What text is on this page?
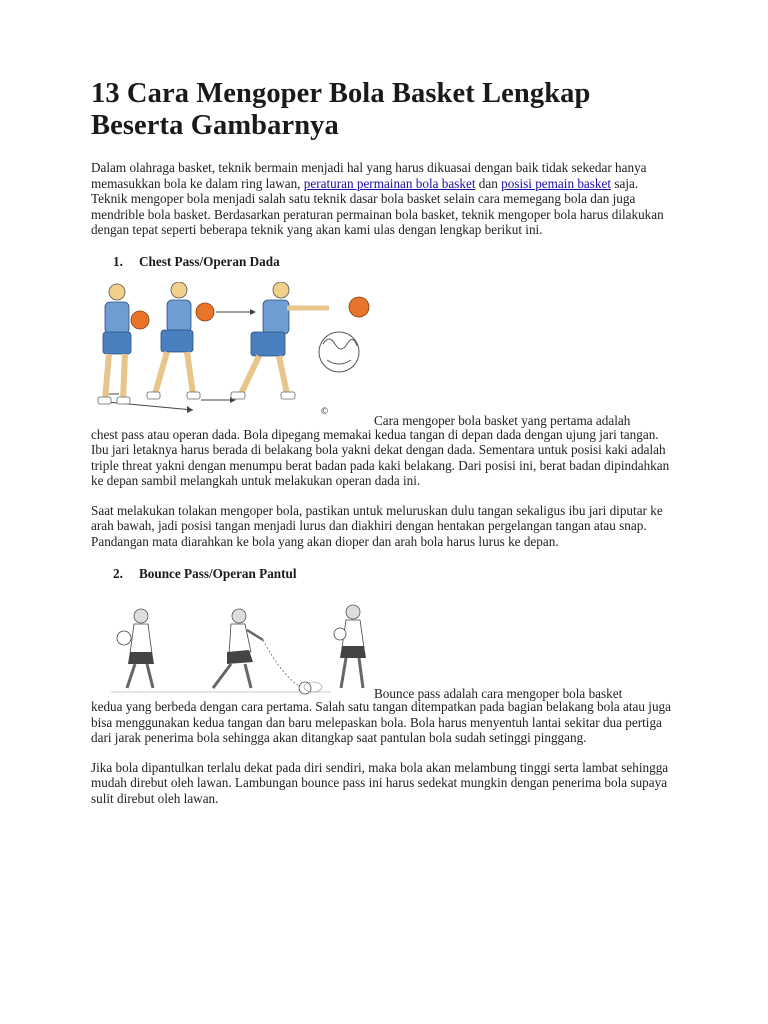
13 Cara Mengoper Bola Basket Lengkap Beserta Gambarnya

Dalam olahraga basket, teknik bermain menjadi hal yang harus dikuasai dengan baik tidak sekedar hanya memasukkan bola ke dalam ring lawan, peraturan permainan bola basket dan posisi pemain basket saja. Teknik mengoper bola menjadi salah satu teknik dasar bola basket selain cara memegang bola dan juga mendrible bola basket. Berdasarkan peraturan permainan bola basket, teknik mengoper bola harus dilakukan dengan tepat seperti beberapa teknik yang akan kami ulas dengan lengkap berikut ini.

1. Chest Pass/Operan Dada
©
Cara mengoper bola basket yang pertama adalah

chest pass atau operan dada. Bola dipegang memakai kedua tangan di depan dada dengan ujung jari tangan. Ibu jari letaknya harus berada di belakang bola yakni dekat dengan dada. Sementara untuk posisi kaki adalah triple threat yakni dengan menumpu berat badan pada kaki belakang. Dari posisi ini, berat badan dipindahkan ke depan sambil melangkah untuk melakukan operan dada ini.

Saat melakukan tolakan mengoper bola, pastikan untuk meluruskan dulu tangan sekaligus ibu jari diputar ke arah bawah, jadi posisi tangan menjadi lurus dan diakhiri dengan hentakan pergelangan tangan atau snap. Pandangan mata diarahkan ke bola yang akan dioper dan arah bola harus lurus ke depan.

2. Bounce Pass/Operan Pantul
Bounce pass adalah cara mengoper bola basket

kedua yang berbeda dengan cara pertama. Salah satu tangan ditempatkan pada bagian belakang bola atau juga bisa menggunakan kedua tangan dan baru melepaskan bola. Bola harus menyentuh lantai sekitar dua pertiga dari jarak penerima bola sehingga akan ditangkap saat pantulan bola sudah setinggi pinggang.

Jika bola dipantulkan terlalu dekat pada diri sendiri, maka bola akan melambung tinggi serta lambat sehingga mudah direbut oleh lawan. Lambungan bounce pass ini harus sedekat mungkin dengan penerima bola supaya sulit direbut oleh lawan.
